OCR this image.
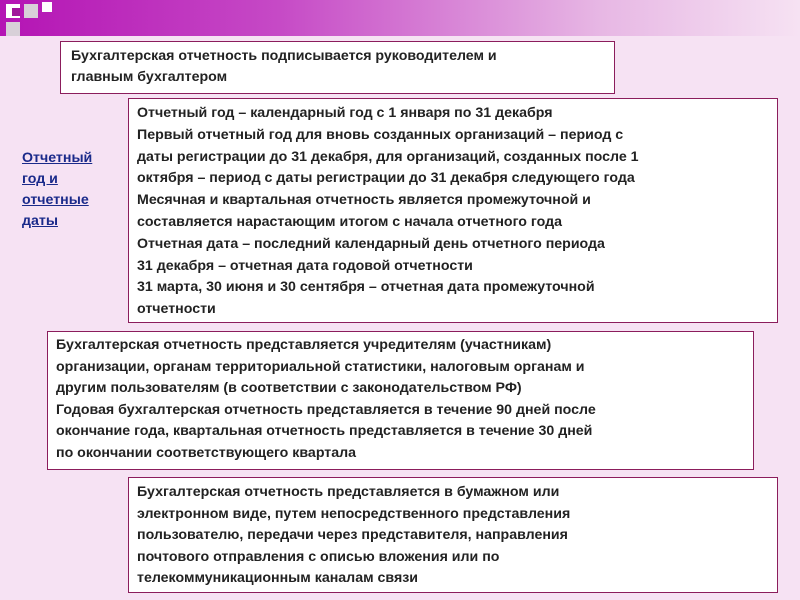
Бухгалтерская отчетность подписывается руководителем и
главным бухгалтером
Отчетный
год и
отчетные
даты
Отчетный год – календарный год с 1 января по 31 декабря
Первый отчетный год для вновь созданных организаций – период с
даты регистрации до 31 декабря, для организаций, созданных после 1
октября – период с даты регистрации до 31 декабря следующего года
Месячная и квартальная отчетность является промежуточной и
составляется нарастающим итогом с начала отчетного года
Отчетная дата – последний календарный день отчетного периода
31 декабря – отчетная дата годовой отчетности
31 марта, 30 июня и 30 сентября – отчетная дата промежуточной
отчетности
Бухгалтерская отчетность представляется учредителям (участникам)
организации, органам территориальной статистики, налоговым органам и
другим пользователям (в соответствии с законодательством РФ)
Годовая бухгалтерская отчетность представляется в течение 90 дней после
окончание года, квартальная отчетность представляется в течение 30 дней
по окончании соответствующего квартала
Бухгалтерская отчетность представляется в бумажном или
электронном виде, путем непосредственного представления
пользователю, передачи через представителя, направления
почтового отправления с описью вложения или по
телекоммуникационным каналам связи
